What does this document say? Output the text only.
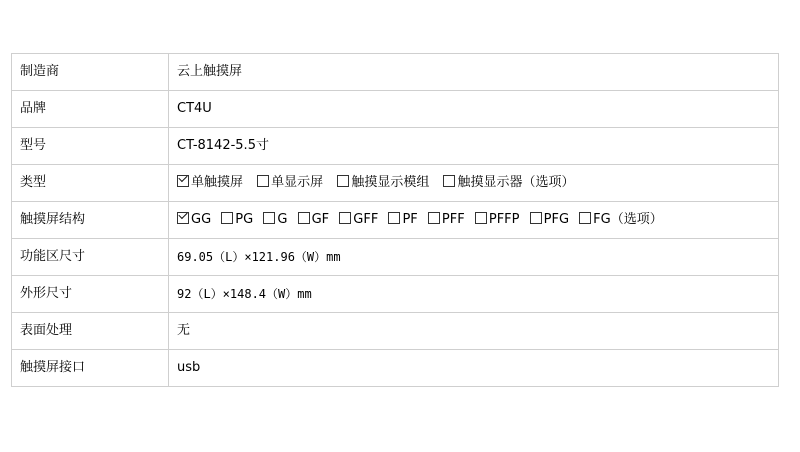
制造商	云上触摸屏
品牌	CT4U
型号	CT-8142-5.5寸
类型	单触摸屏 单显示屏 触摸显示模组 触摸显示器（选项）
触摸屏结构	GG PG G GF GFF PF PFF PFFP PFG FG（选项）
功能区尺寸	69.05（L）×121.96（W）mm
外形尺寸	92（L）×148.4（W）mm
表面处理	无
触摸屏接口	usb
